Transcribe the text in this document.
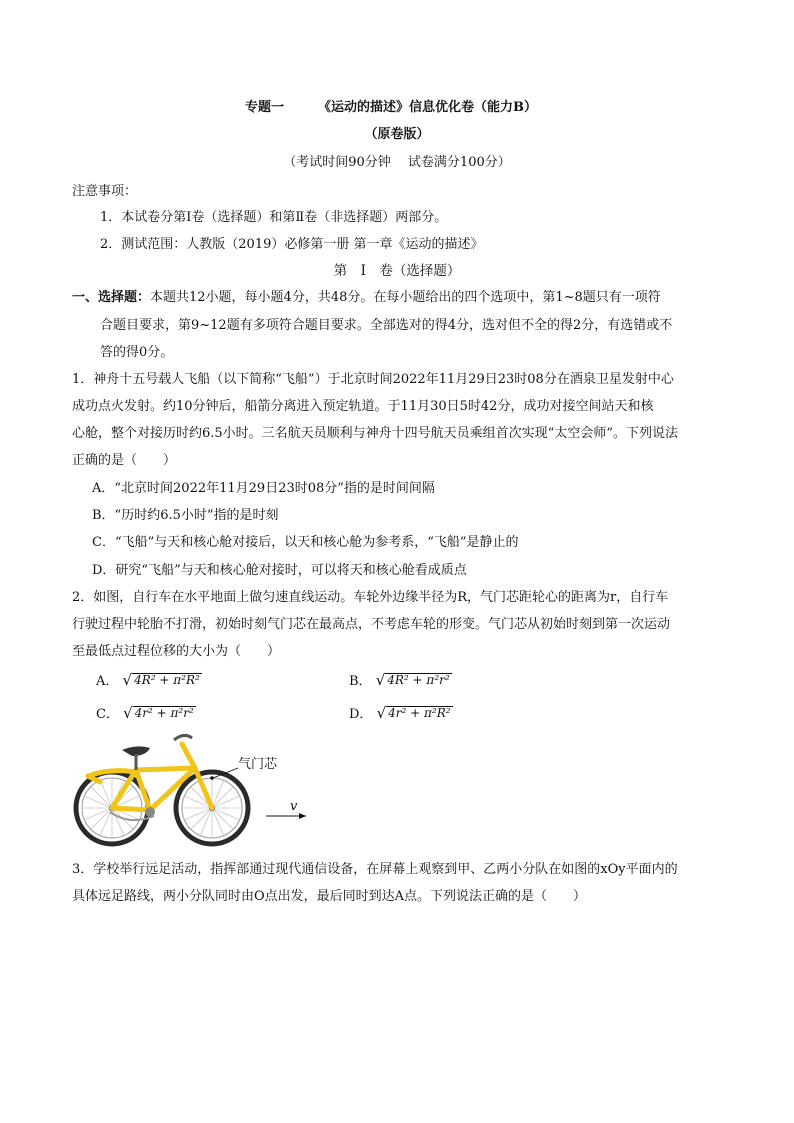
专题一	《运动的描述》信息优化卷（能力B）
（原卷版）
（考试时间90分钟　 试卷满分100分）
注意事项：
1．本试卷分第Ⅰ卷（选择题）和第Ⅱ卷（非选择题）两部分。
2．测试范围：人教版（2019）必修第一册 第一章《运动的描述》
第　Ⅰ　卷（选择题）
一、选择题：本题共12小题，每小题4分，共48分。在每小题给出的四个选项中，第1~8题只有一项符
合题目要求，第9~12题有多项符合题目要求。全部选对的得4分，选对但不全的得2分，有选错或不
答的得0分。
1．神舟十五号载人飞船（以下简称“飞船”）于北京时间2022年11月29日23时08分在酒泉卫星发射中心
成功点火发射。约10分钟后，船箭分离进入预定轨道。于11月30日5时42分，成功对接空间站天和核
心舱，整个对接历时约6.5小时。三名航天员顺利与神舟十四号航天员乘组首次实现“太空会师”。下列说法
正确的是（　　）
A．“北京时间2022年11月29日23时08分”指的是时间间隔
B．“历时约6.5小时”指的是时刻
C．“飞船”与天和核心舱对接后，以天和核心舱为参考系，“飞船”是静止的
D．研究“飞船”与天和核心舱对接时，可以将天和核心舱看成质点
2．如图，自行车在水平地面上做匀速直线运动。车轮外边缘半径为R，气门芯距轮心的距离为r，自行车
行驶过程中轮胎不打滑，初始时刻气门芯在最高点，不考虑车轮的形变。气门芯从初始时刻到第一次运动
至最低点过程位移的大小为（　　）
A． √ 4R² + π²R²	B． √ 4R² + π²r²
C． √ 4r² + π²r²	D． √ 4r² + π²R²
气门芯
v
3．学校举行远足活动，指挥部通过现代通信设备，在屏幕上观察到甲、乙两小分队在如图的xOy平面内的
具体远足路线，两小分队同时由O点出发，最后同时到达A点。下列说法正确的是（　　）
